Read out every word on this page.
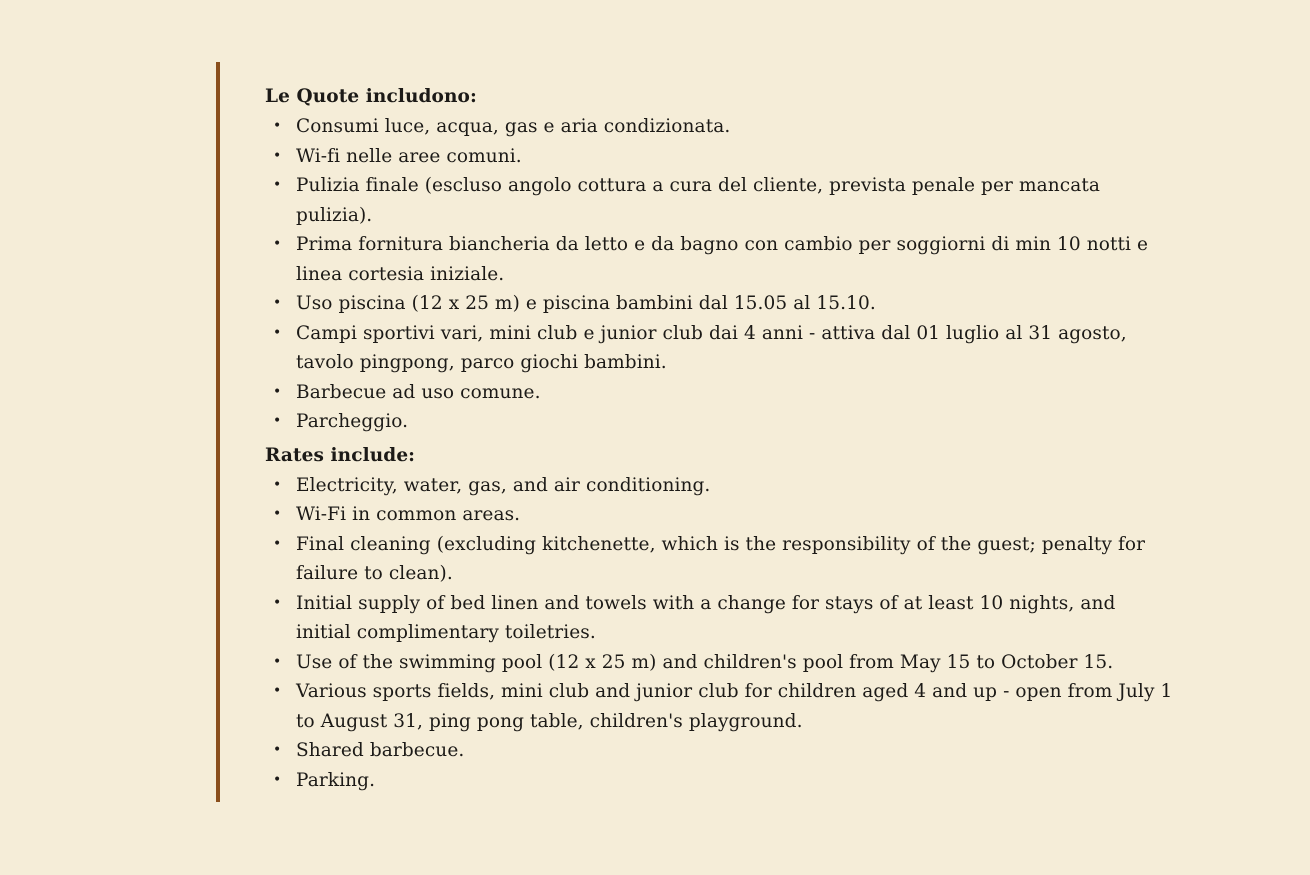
Le Quote includono:

• Consumi luce, acqua, gas e aria condizionata.
• Wi-fi nelle aree comuni.
• Pulizia finale (escluso angolo cottura a cura del cliente, prevista penale per mancata pulizia).
• Prima fornitura biancheria da letto e da bagno con cambio per soggiorni di min 10 notti e linea cortesia iniziale.
• Uso piscina (12 x 25 m) e piscina bambini dal 15.05 al 15.10.
• Campi sportivi vari, mini club e junior club dai 4 anni - attiva dal 01 luglio al 31 agosto, tavolo pingpong, parco giochi bambini.
• Barbecue ad uso comune.
• Parcheggio.

Rates include:

• Electricity, water, gas, and air conditioning.
• Wi-Fi in common areas.
• Final cleaning (excluding kitchenette, which is the responsibility of the guest; penalty for failure to clean).
• Initial supply of bed linen and towels with a change for stays of at least 10 nights, and initial complimentary toiletries.
• Use of the swimming pool (12 x 25 m) and children's pool from May 15 to October 15.
• Various sports fields, mini club and junior club for children aged 4 and up - open from July 1 to August 31, ping pong table, children's playground.
• Shared barbecue.
• Parking.
